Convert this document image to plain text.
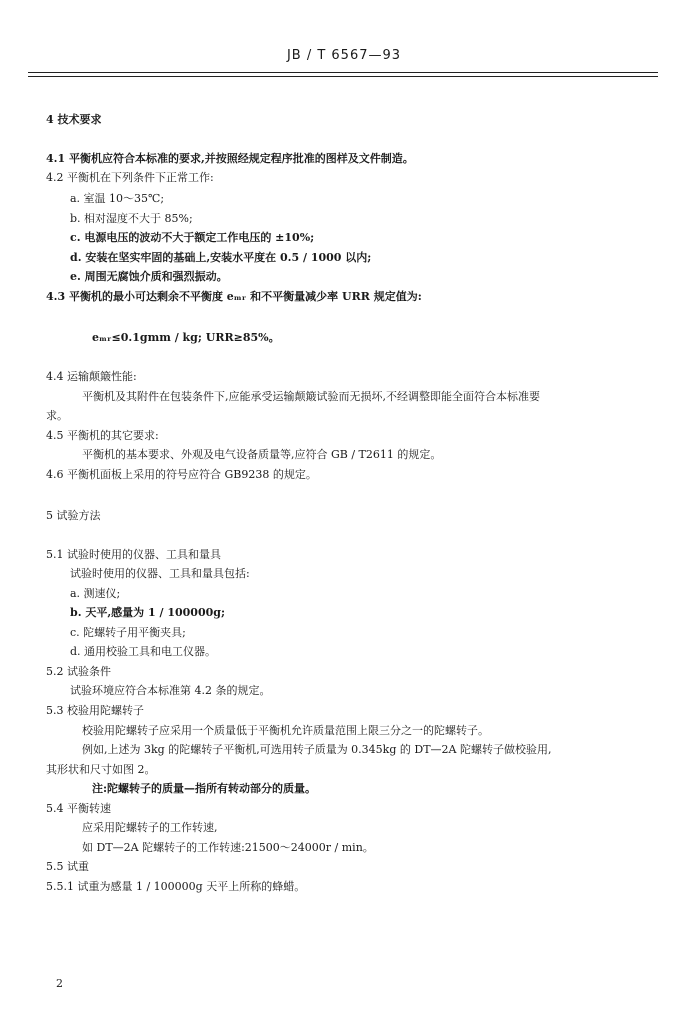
JB / T 6567—93
4 技术要求
4.1 平衡机应符合本标准的要求,并按照经规定程序批准的图样及文件制造。
4.2 平衡机在下列条件下正常工作:
a. 室温 10～35℃;
b. 相对湿度不大于 85%;
c. 电源电压的波动不大于额定工作电压的 ±10%;
d. 安装在坚实牢固的基础上,安装水平度在 0.5 / 1000 以内;
e. 周围无腐蚀介质和强烈振动。
4.3 平衡机的最小可达剩余不平衡度 eₘᵣ 和不平衡量减少率 URR 规定值为:
eₘᵣ≤0.1gmm / kg; URR≥85%。
4.4 运输颠簸性能:
平衡机及其附件在包装条件下,应能承受运输颠簸试验而无损坏,不经调整即能全面符合本标准要
求。
4.5 平衡机的其它要求:
平衡机的基本要求、外观及电气设备质量等,应符合 GB / T2611 的规定。
4.6 平衡机面板上采用的符号应符合 GB9238 的规定。
5 试验方法
5.1 试验时使用的仪器、工具和量具
试验时使用的仪器、工具和量具包括:
a. 测速仪;
b. 天平,感量为 1 / 100000g;
c. 陀螺转子用平衡夹具;
d. 通用校验工具和电工仪器。
5.2 试验条件
试验环境应符合本标准第 4.2 条的规定。
5.3 校验用陀螺转子
校验用陀螺转子应采用一个质量低于平衡机允许质量范围上限三分之一的陀螺转子。
例如,上述为 3kg 的陀螺转子平衡机,可选用转子质量为 0.345kg 的 DT—2A 陀螺转子做校验用,
其形状和尺寸如图 2。
注:陀螺转子的质量—指所有转动部分的质量。
5.4 平衡转速
应采用陀螺转子的工作转速,
如 DT—2A 陀螺转子的工作转速:21500～24000r / min。
5.5 试重
5.5.1 试重为感量 1 / 100000g 天平上所称的蜂蜡。
2
